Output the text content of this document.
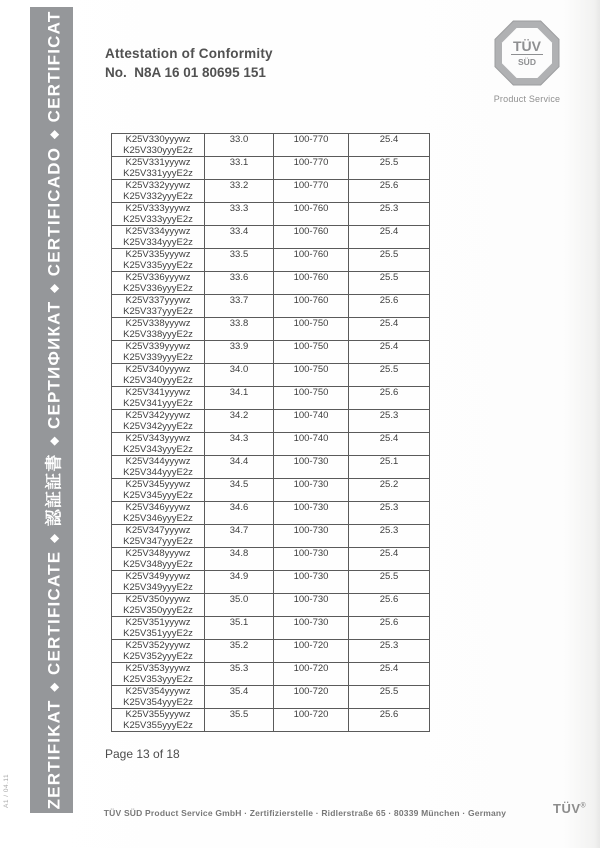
ZERTIFIKAT◆CERTIFICATE◆認証証書◆СЕРТИФИКАТ◆CERTIFICADO◆CERTIFICAT
A1 / 04.11
Attestation of Conformity
No.  N8A 16 01 80695 151
TÜV
SÜD
Product Service
K25V330yyywz
K25V330yyyE2z	33.0	100-770	25.4

K25V331yyywz
K25V331yyyE2z	33.1	100-770	25.5

K25V332yyywz
K25V332yyyE2z	33.2	100-770	25.6

K25V333yyywz
K25V333yyyE2z	33.3	100-760	25.3

K25V334yyywz
K25V334yyyE2z	33.4	100-760	25.4

K25V335yyywz
K25V335yyyE2z	33.5	100-760	25.5

K25V336yyywz
K25V336yyyE2z	33.6	100-760	25.5

K25V337yyywz
K25V337yyyE2z	33.7	100-760	25.6

K25V338yyywz
K25V338yyyE2z	33.8	100-750	25.4

K25V339yyywz
K25V339yyyE2z	33.9	100-750	25.4

K25V340yyywz
K25V340yyyE2z	34.0	100-750	25.5

K25V341yyywz
K25V341yyyE2z	34.1	100-750	25.6

K25V342yyywz
K25V342yyyE2z	34.2	100-740	25.3

K25V343yyywz
K25V343yyyE2z	34.3	100-740	25.4

K25V344yyywz
K25V344yyyE2z	34.4	100-730	25.1

K25V345yyywz
K25V345yyyE2z	34.5	100-730	25.2

K25V346yyywz
K25V346yyyE2z	34.6	100-730	25.3

K25V347yyywz
K25V347yyyE2z	34.7	100-730	25.3

K25V348yyywz
K25V348yyyE2z	34.8	100-730	25.4

K25V349yyywz
K25V349yyyE2z	34.9	100-730	25.5

K25V350yyywz
K25V350yyyE2z	35.0	100-730	25.6

K25V351yyywz
K25V351yyyE2z	35.1	100-730	25.6

K25V352yyywz
K25V352yyyE2z	35.2	100-720	25.3

K25V353yyywz
K25V353yyyE2z	35.3	100-720	25.4

K25V354yyywz
K25V354yyyE2z	35.4	100-720	25.5

K25V355yyywz
K25V355yyyE2z	35.5	100-720	25.6
Page 13 of 18
TÜV SÜD Product Service GmbH · Zertifizierstelle · Ridlerstraße 65 · 80339 München · Germany	TÜV®
